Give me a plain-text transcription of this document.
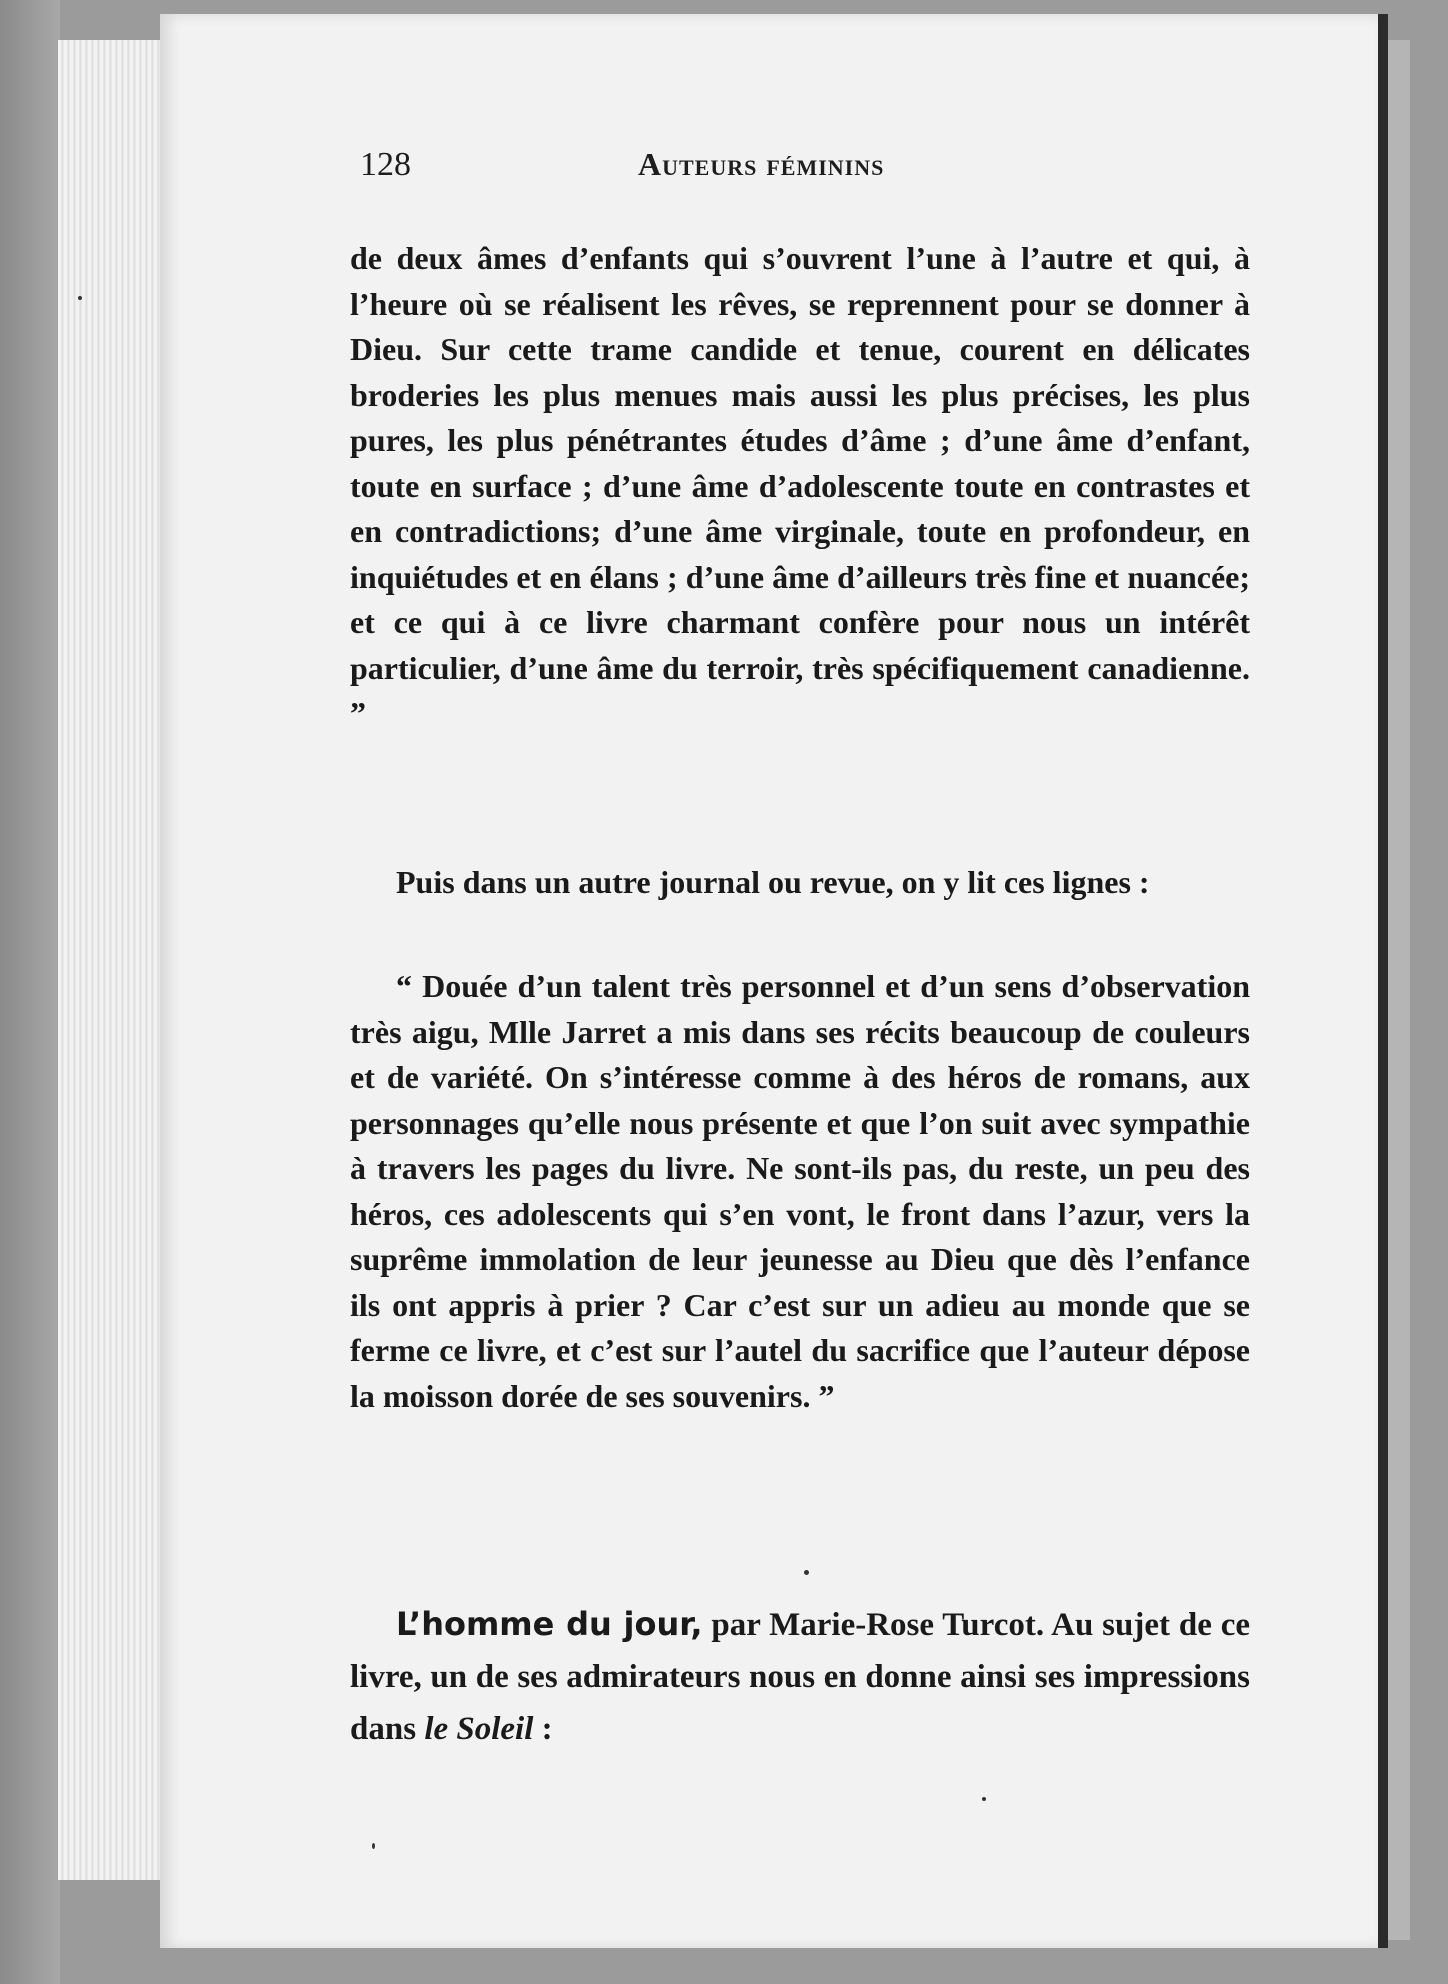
128	Auteurs féminins

de deux âmes d’enfants qui s’ouvrent l’une à l’autre et qui, à l’heure où se réalisent les rêves, se reprennent pour se donner à Dieu. Sur cette trame candide et tenue, courent en délicates broderies les plus menues mais aussi les plus précises, les plus pures, les plus pénétrantes études d’âme ; d’une âme d’enfant, toute en surface ; d’une âme d’adolescente toute en contrastes et en contradictions; d’une âme virginale, toute en profondeur, en inquiétudes et en élans ; d’une âme d’ailleurs très fine et nuancée; et ce qui à ce livre charmant confère pour nous un intérêt particulier, d’une âme du terroir, très spécifiquement canadienne. ”

Puis dans un autre journal ou revue, on y lit ces lignes :

“ Douée d’un talent très personnel et d’un sens d’observation très aigu, Mlle Jarret a mis dans ses récits beaucoup de couleurs et de variété. On s’intéresse comme à des héros de romans, aux personnages qu’elle nous présente et que l’on suit avec sympathie à travers les pages du livre. Ne sont-ils pas, du reste, un peu des héros, ces adolescents qui s’en vont, le front dans l’azur, vers la suprême immolation de leur jeunesse au Dieu que dès l’enfance ils ont appris à prier ? Car c’est sur un adieu au monde que se ferme ce livre, et c’est sur l’autel du sacrifice que l’auteur dépose la moisson dorée de ses souvenirs. ”

L’homme du jour, par Marie-Rose Turcot. Au sujet de ce livre, un de ses admirateurs nous en donne ainsi ses impressions dans le Soleil :
